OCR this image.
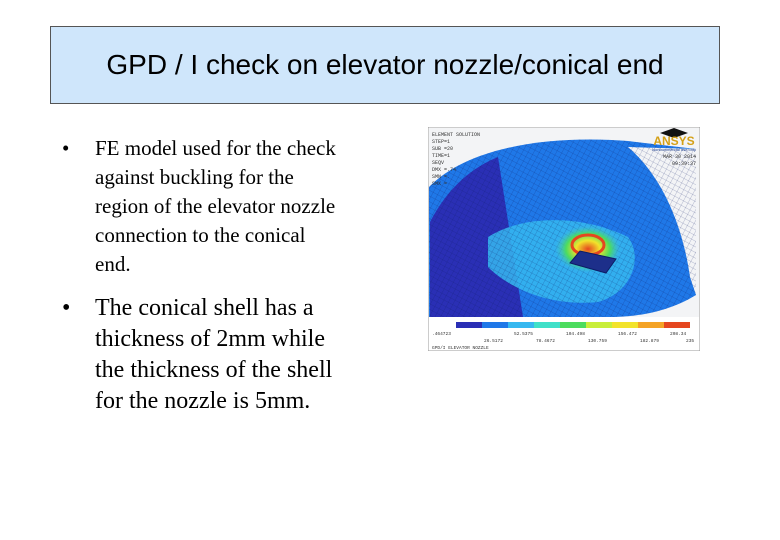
GPD / I check on elevator nozzle/conical end
• FE model used for the check
against buckling for the
region of the elevator nozzle
connection to the conical
end.
• The conical shell has a
thickness of 2mm while
the thickness of the shell
for the nozzle is 5mm.
ELEMENT SOLUTION
STEP=1
SUB =20
TIME=1
SEQV
DMX =.74
SMN =.
SMX =
ANSYS
Noncommercial use only
MAR 30 2014
09:39:37
.464723	52.5375	104.498	156.472	208.34
26.5172	78.4672	130.759	182.879	235
GPD/I ELEVATOR NOZZLE
